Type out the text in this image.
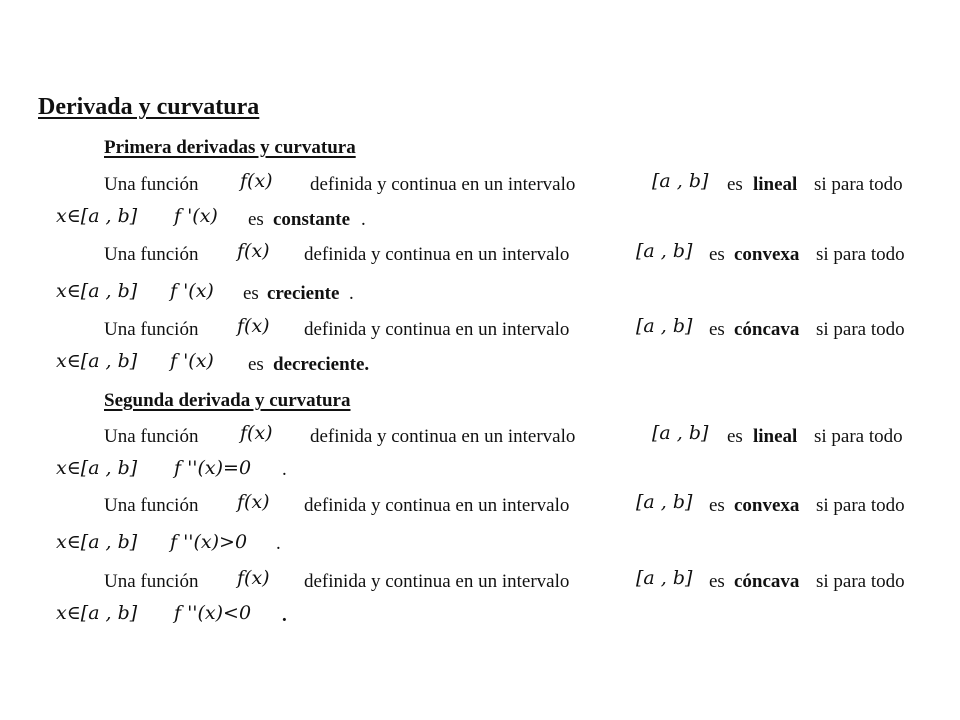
Derivada y curvatura
Primera derivadas y curvatura
Una función f(x) definida y continua en un intervalo	[a , b] es lineal si para todo
x∈[a , b] f '(x) es constante .
Una función f(x) definida y continua en un intervalo	[a , b] es convexa si para todo
x∈[a , b] f '(x) es creciente .
Una función f(x) definida y continua en un intervalo	[a , b] es cóncava si para todo
x∈[a , b] f '(x) es decreciente.
Segunda derivada y curvatura
Una función f(x) definida y continua en un intervalo	[a , b] es lineal si para todo
x∈[a , b] f ''(x)=0 .
Una función f(x) definida y continua en un intervalo	[a , b] es convexa si para todo
x∈[a , b] f ''(x)>0 .
Una función f(x) definida y continua en un intervalo	[a , b] es cóncava si para todo
x∈[a , b] f ''(x)<0 .
